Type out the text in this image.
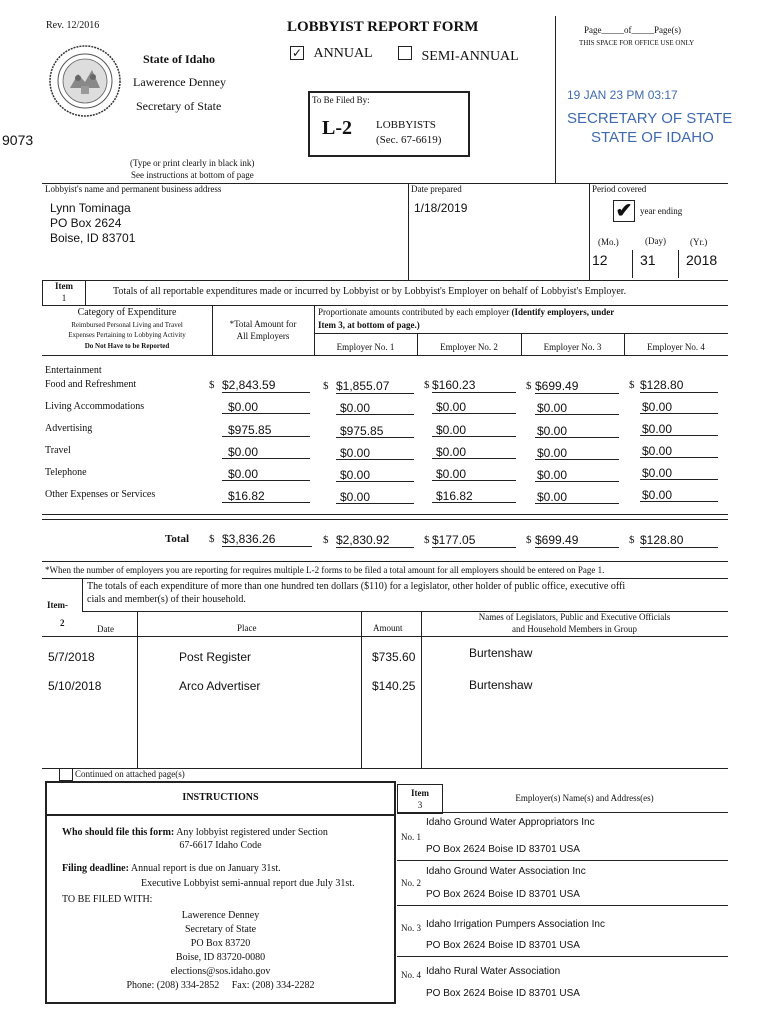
Rev. 12/2016	LOBBYIST REPORT FORM
✓ ANNUAL	SEMI-ANNUAL
State of Idaho
Lawerence Denney
Secretary of State
9073
To Be Filed By:
L-2 LOBBYISTS
(Sec. 67-6619)
Page_____of_____Page(s)
THIS SPACE FOR OFFICE USE ONLY
19 JAN 23 PM 03:17
SECRETARY OF STATE
STATE OF IDAHO
(Type or print clearly in black ink)
See instructions at bottom of page
Lobbyist's name and permanent business address
Lynn Tominaga
PO Box 2624
Boise, ID 83701
Date prepared
1/18/2019
Period covered
✔ year ending
(Mo.)	(Day)	(Yr.)
12	31 2018
Item
1
Totals of all reportable expenditures made or incurred by Lobbyist or by Lobbyist's Employer on behalf of Lobbyist's Employer.
Category of Expenditure
Reimbursed Personal Living and Travel
Expenses Pertaining to Lobbying Activity
Do Not Have to be Reported
*Total Amount for
All Employers
Proportionate amounts contributed by each employer (Identify employers, under
Item 3, at bottom of page.)
Employer No. 1	Employer No. 2	Employer No. 3	Employer No. 4
Entertainment
Food and Refreshment	$ $2,843.59	$ $1,855.07	$ $160.23	$ $699.49	$ $128.80
Living Accommodations	$0.00	$0.00	$0.00	$0.00	$0.00
Advertising	$975.85	$975.85	$0.00	$0.00	$0.00
Travel	$0.00	$0.00	$0.00	$0.00	$0.00
Telephone	$0.00	$0.00	$0.00	$0.00	$0.00
Other Expenses or Services	$16.82	$0.00	$16.82	$0.00	$0.00
Total $ $3,836.26	$ $2,830.92	$ $177.05	$ $699.49	$ $128.80
*When the number of employers you are reporting for requires multiple L-2 forms to be filed a total amount for all employers should be entered on Page 1.
Item-
2
The totals of each expenditure of more than one hundred ten dollars ($110) for a legislator, other holder of public office, executive offi
cials and member(s) of their household.
Date	Place	Amount
Names of Legislators, Public and Executive Officials
and Household Members in Group
5/7/2018	Post Register	$735.60	Burtenshaw
5/10/2018	Arco Advertiser	$140.25	Burtenshaw
Continued on attached page(s)
INSTRUCTIONS
Who should file this form: Any lobbyist registered under Section
67-6617 Idaho Code
Filing deadline: Annual report is due on January 31st.
Executive Lobbyist semi-annual report due July 31st.
TO BE FILED WITH:
Lawerence Denney
Secretary of State
PO Box 83720
Boise, ID 83720-0080
elections@sos.idaho.gov
Phone: (208) 334-2852     Fax: (208) 334-2282
Item
3
Employer(s) Name(s) and Address(es)
No. 1
Idaho Ground Water Appropriators Inc
PO Box 2624 Boise ID 83701 USA
No. 2
Idaho Ground Water Association Inc
PO Box 2624 Boise ID 83701 USA
No. 3 Idaho Irrigation Pumpers Association Inc
PO Box 2624 Boise ID 83701 USA
No. 4 Idaho Rural Water Association
PO Box 2624 Boise ID 83701 USA
